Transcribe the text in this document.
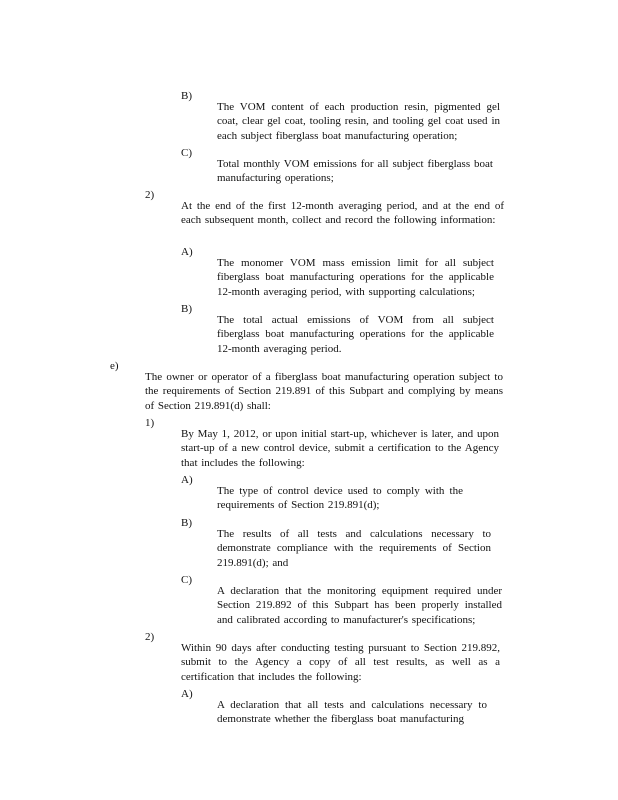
B)

The VOM content of each production resin, pigmented gel coat, clear gel coat, tooling resin, and tooling gel coat used in each subject fiberglass boat manufacturing operation;

C)

Total monthly VOM emissions for all subject fiberglass boat manufacturing operations;

2)

At the end of the first 12-month averaging period, and at the end of each subsequent month, collect and record the following information:

A)

The monomer VOM mass emission limit for all subject fiberglass boat manufacturing operations for the applicable 12-month averaging period, with supporting calculations;

B)

The total actual emissions of VOM from all subject fiberglass boat manufacturing operations for the applicable 12-month averaging period.

e)

The owner or operator of a fiberglass boat manufacturing operation subject to the requirements of Section 219.891 of this Subpart and complying by means of Section 219.891(d) shall:

1)

By May 1, 2012, or upon initial start-up, whichever is later, and upon start-up of a new control device, submit a certification to the Agency that includes the following:

A)

The type of control device used to comply with the requirements of Section 219.891(d);

B)

The results of all tests and calculations necessary to demonstrate compliance with the requirements of Section 219.891(d); and

C)

A declaration that the monitoring equipment required under Section 219.892 of this Subpart has been properly installed and calibrated according to manufacturer's specifications;

2)

Within 90 days after conducting testing pursuant to Section 219.892, submit to the Agency a copy of all test results, as well as a certification that includes the following:

A)

A declaration that all tests and calculations necessary to demonstrate whether the fiberglass boat manufacturing
